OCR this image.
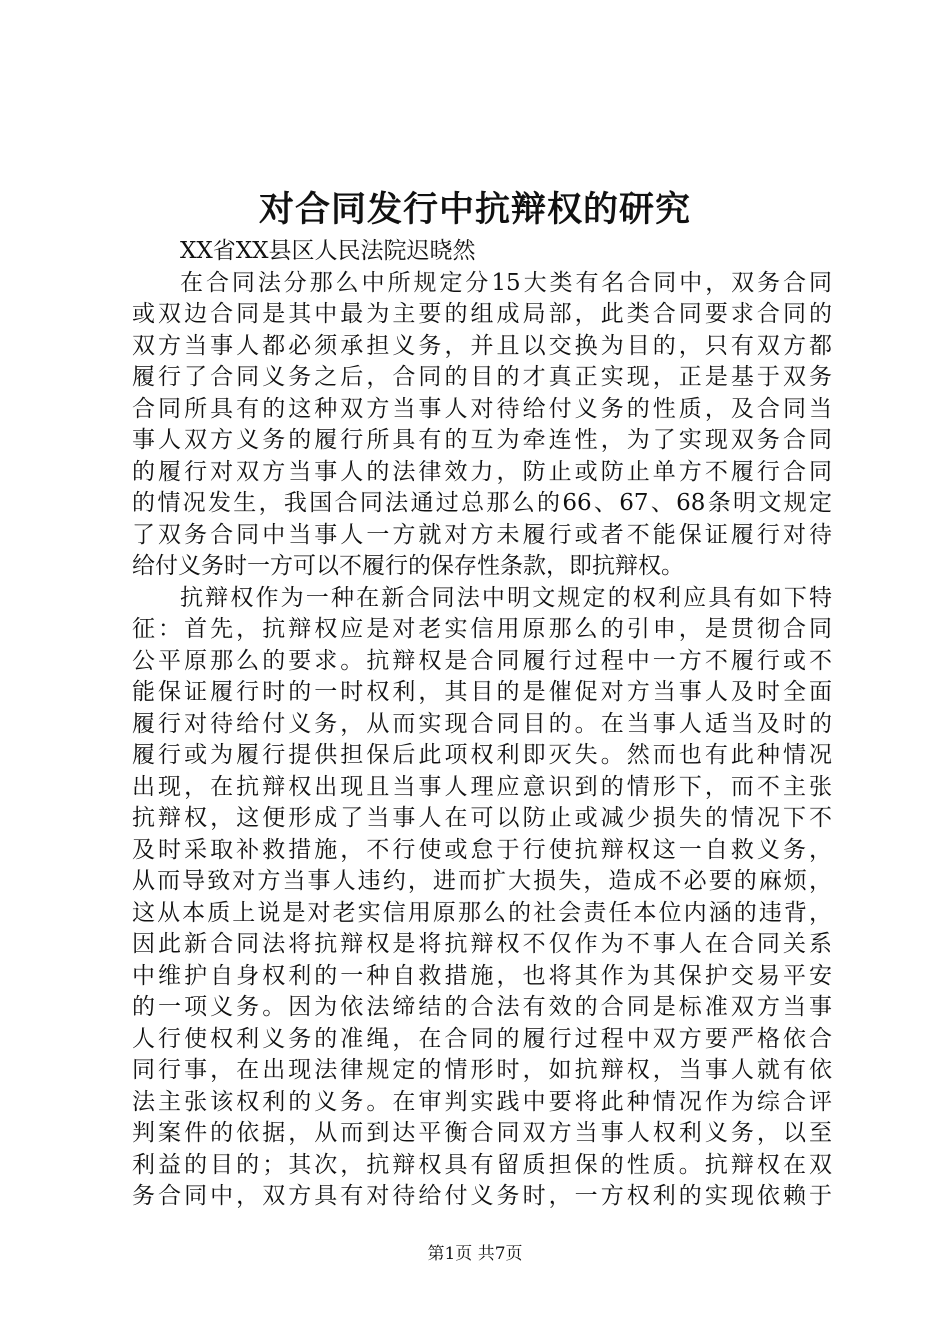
对合同发行中抗辩权的研究
XX省XX县区人民法院迟晓然
在合同法分那么中所规定分15大类有名合同中，双务合同
或双边合同是其中最为主要的组成局部，此类合同要求合同的
双方当事人都必须承担义务，并且以交换为目的，只有双方都
履行了合同义务之后，合同的目的才真正实现，正是基于双务
合同所具有的这种双方当事人对待给付义务的性质，及合同当
事人双方义务的履行所具有的互为牵连性，为了实现双务合同
的履行对双方当事人的法律效力，防止或防止单方不履行合同
的情况发生，我国合同法通过总那么的66、67、68条明文规定
了双务合同中当事人一方就对方未履行或者不能保证履行对待
给付义务时一方可以不履行的保存性条款，即抗辩权。
抗辩权作为一种在新合同法中明文规定的权利应具有如下特
征：首先，抗辩权应是对老实信用原那么的引申，是贯彻合同
公平原那么的要求。抗辩权是合同履行过程中一方不履行或不
能保证履行时的一时权利，其目的是催促对方当事人及时全面
履行对待给付义务，从而实现合同目的。在当事人适当及时的
履行或为履行提供担保后此项权利即灭失。然而也有此种情况
出现，在抗辩权出现且当事人理应意识到的情形下，而不主张
抗辩权，这便形成了当事人在可以防止或减少损失的情况下不
及时采取补救措施，不行使或怠于行使抗辩权这一自救义务，
从而导致对方当事人违约，进而扩大损失，造成不必要的麻烦，
这从本质上说是对老实信用原那么的社会责任本位内涵的违背，
因此新合同法将抗辩权是将抗辩权不仅作为不事人在合同关系
中维护自身权利的一种自救措施，也将其作为其保护交易平安
的一项义务。因为依法缔结的合法有效的合同是标准双方当事
人行使权利义务的准绳，在合同的履行过程中双方要严格依合
同行事，在出现法律规定的情形时，如抗辩权，当事人就有依
法主张该权利的义务。在审判实践中要将此种情况作为综合评
判案件的依据，从而到达平衡合同双方当事人权利义务，以至
利益的目的；其次，抗辩权具有留质担保的性质。抗辩权在双
务合同中，双方具有对待给付义务时，一方权利的实现依赖于
第1页 共7页
